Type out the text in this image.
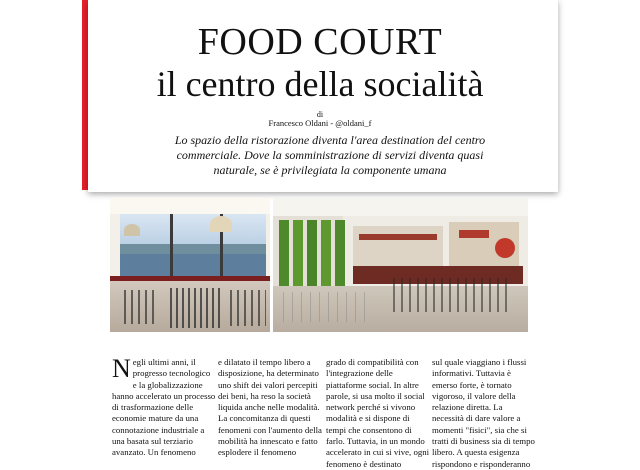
FOOD COURT
il centro della socialità
di
Francesco Oldani - @oldani_f
Lo spazio della ristorazione diventa l'area destination del centro commerciale. Dove la somministrazione di servizi diventa quasi naturale, se è privilegiata la componente umana
N egli ultimi anni, il progresso tecnologico e la globalizzazione hanno accelerato un processo di trasformazione delle economie mature da una connotazione industriale a una basata sul terziario avanzato. Un fenomeno
e dilatato il tempo libero a disposizione, ha determinato uno shift dei valori percepiti dei beni, ha reso la società liquida anche nelle modalità. La concomitanza di questi fenomeni con l'aumento della mobilità ha innescato e fatto esplodere il fenomeno
grado di compatibilità con l'integrazione delle piattaforme social. In altre parole, si usa molto il social network perché si vivono modalità e si dispone di tempi che consentono di farlo. Tuttavia, in un mondo accelerato in cui si vive, ogni fenomeno è destinato
sul quale viaggiano i flussi informativi. Tuttavia è emerso forte, è tornato vigoroso, il valore della relazione diretta. La necessità di dare valore a momenti "fisici", sia che si tratti di business sia di tempo libero. A questa esigenza rispondono e risponderanno
